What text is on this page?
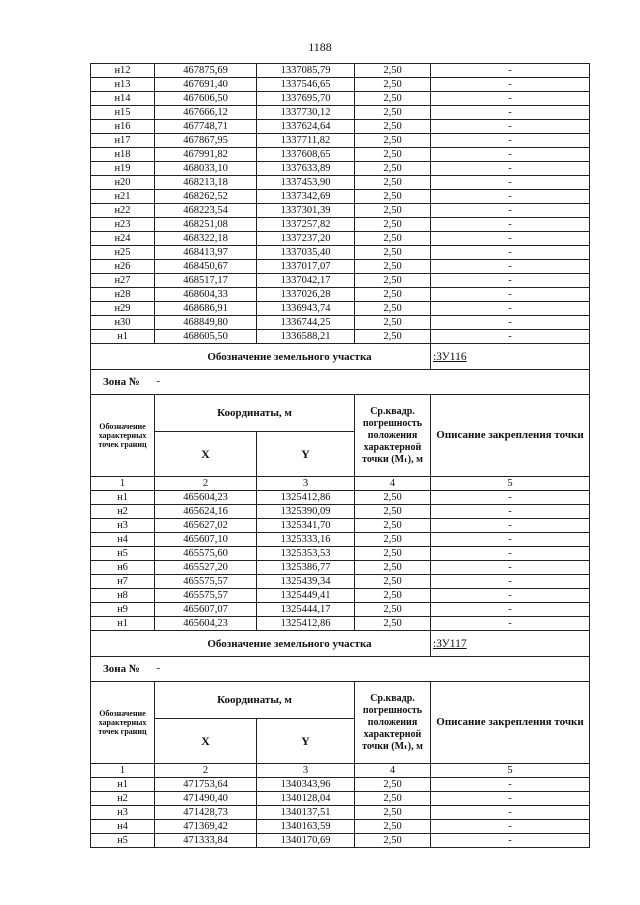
1188
н12	467875,69	1337085,79	2,50	-
н13	467691,40	1337546,65	2,50	-
н14	467606,50	1337695,70	2,50	-
н15	467666,12	1337730,12	2,50	-
н16	467748,71	1337624,64	2,50	-
н17	467867,95	1337711,82	2,50	-
н18	467991,82	1337608,65	2,50	-
н19	468033,10	1337633,89	2,50	-
н20	468213,18	1337453,90	2,50	-
н21	468262,52	1337342,69	2,50	-
н22	468223,54	1337301,39	2,50	-
н23	468251,08	1337257,82	2,50	-
н24	468322,18	1337237,20	2,50	-
н25	468413,97	1337035,40	2,50	-
н26	468450,67	1337017,07	2,50	-
н27	468517,17	1337042,17	2,50	-
н28	468604,33	1337026,28	2,50	-
н29	468686,91	1336943,74	2,50	-
н30	468849,80	1336744,25	2,50	-
н1	468605,50	1336588,21	2,50	-
Обозначение земельного участка				:ЗУ116
Зона №	-			
Обозначение характерных точек границ	Координаты, м		Ср.квадр. погрешность положения характерной точки (Mₜ), м	Описание закрепления точки
	X	Y		
1	2	3	4	5
н1	465604,23	1325412,86	2,50	-
н2	465624,16	1325390,09	2,50	-
н3	465627,02	1325341,70	2,50	-
н4	465607,10	1325333,16	2,50	-
н5	465575,60	1325353,53	2,50	-
н6	465527,20	1325386,77	2,50	-
н7	465575,57	1325439,34	2,50	-
н8	465575,57	1325449,41	2,50	-
н9	465607,07	1325444,17	2,50	-
н1	465604,23	1325412,86	2,50	-
Обозначение земельного участка				:ЗУ117
Зона №	-			
Обозначение характерных точек границ	Координаты, м		Ср.квадр. погрешность положения характерной точки (Mₜ), м	Описание закрепления точки
	X	Y		
1	2	3	4	5
н1	471753,64	1340343,96	2,50	-
н2	471490,40	1340128,04	2,50	-
н3	471428,73	1340137,51	2,50	-
н4	471369,42	1340163,59	2,50	-
н5	471333,84	1340170,69	2,50	-
